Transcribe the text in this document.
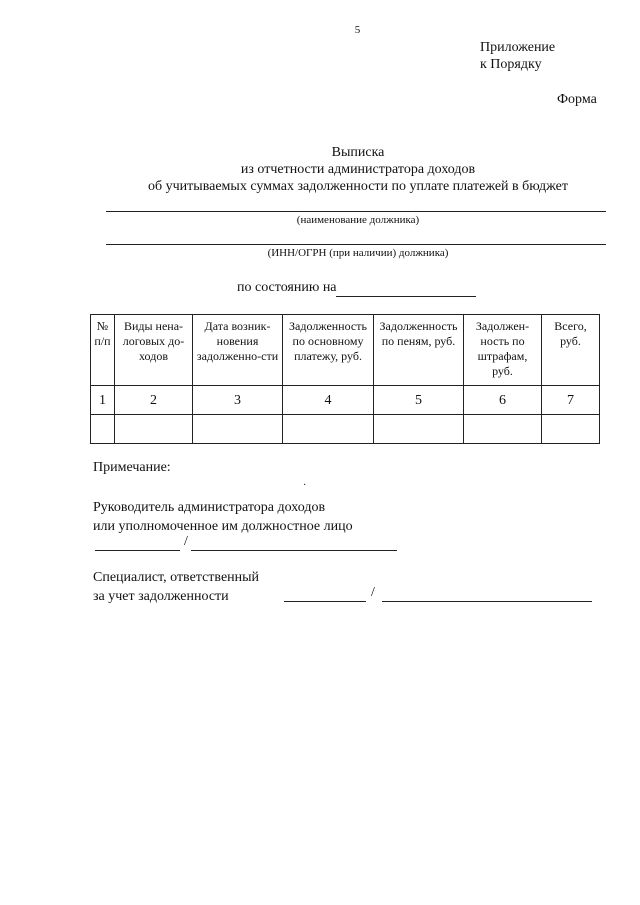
5
Приложение
к Порядку
Форма
Выписка
из отчетности администратора доходов
об учитываемых суммах задолженности по уплате платежей в бюджет
(наименование должника)
(ИНН/ОГРН (при наличии) должника)
по состоянию на
№ п/п	Виды нена-логовых до-ходов	Дата возник-новения задолженно-сти	Задолженность по основному платежу, руб.	Задолженность по пеням, руб.	Задолжен-ность по штрафам, руб.	Всего, руб.
1	2	3	4	5	6	7

Примечание:
·
Руководитель администратора доходов
или уполномоченное им должностное лицо
/
Специалист, ответственный
за учет задолженности	/
